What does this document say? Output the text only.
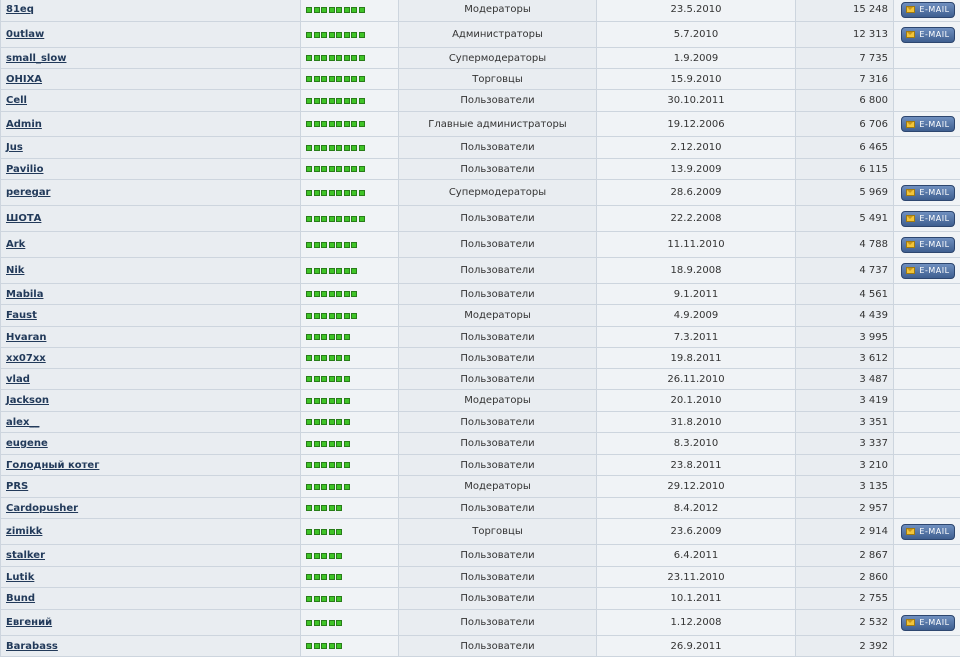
81eq		Модераторы	23.5.2010	15 248	E-MAIL

0utlaw		Администраторы	5.7.2010	12 313	E-MAIL

small_slow		Супермодераторы	1.9.2009	7 735	
OHIXA		Торговцы	15.9.2010	7 316	
Cell		Пользователи	30.10.2011	6 800	
Admin		Главные администраторы	19.12.2006	6 706	E-MAIL

Jus		Пользователи	2.12.2010	6 465	
Pavilio		Пользователи	13.9.2009	6 115	
peregar		Супермодераторы	28.6.2009	5 969	E-MAIL

ШОТА		Пользователи	22.2.2008	5 491	E-MAIL

Ark		Пользователи	11.11.2010	4 788	E-MAIL

Nik		Пользователи	18.9.2008	4 737	E-MAIL

Mabila		Пользователи	9.1.2011	4 561	
Faust		Модераторы	4.9.2009	4 439	
Hvaran		Пользователи	7.3.2011	3 995	
xx07xx		Пользователи	19.8.2011	3 612	
vlad		Пользователи	26.11.2010	3 487	
Jackson		Модераторы	20.1.2010	3 419	
alex__		Пользователи	31.8.2010	3 351	
eugene		Пользователи	8.3.2010	3 337	
Голодный котег		Пользователи	23.8.2011	3 210	
PRS		Модераторы	29.12.2010	3 135	
Cardopusher		Пользователи	8.4.2012	2 957	
zimikk		Торговцы	23.6.2009	2 914	E-MAIL

stalker		Пользователи	6.4.2011	2 867	
Lutik		Пользователи	23.11.2010	2 860	
Bund		Пользователи	10.1.2011	2 755	
Евгений		Пользователи	1.12.2008	2 532	E-MAIL

Barabass		Пользователи	26.9.2011	2 392	
